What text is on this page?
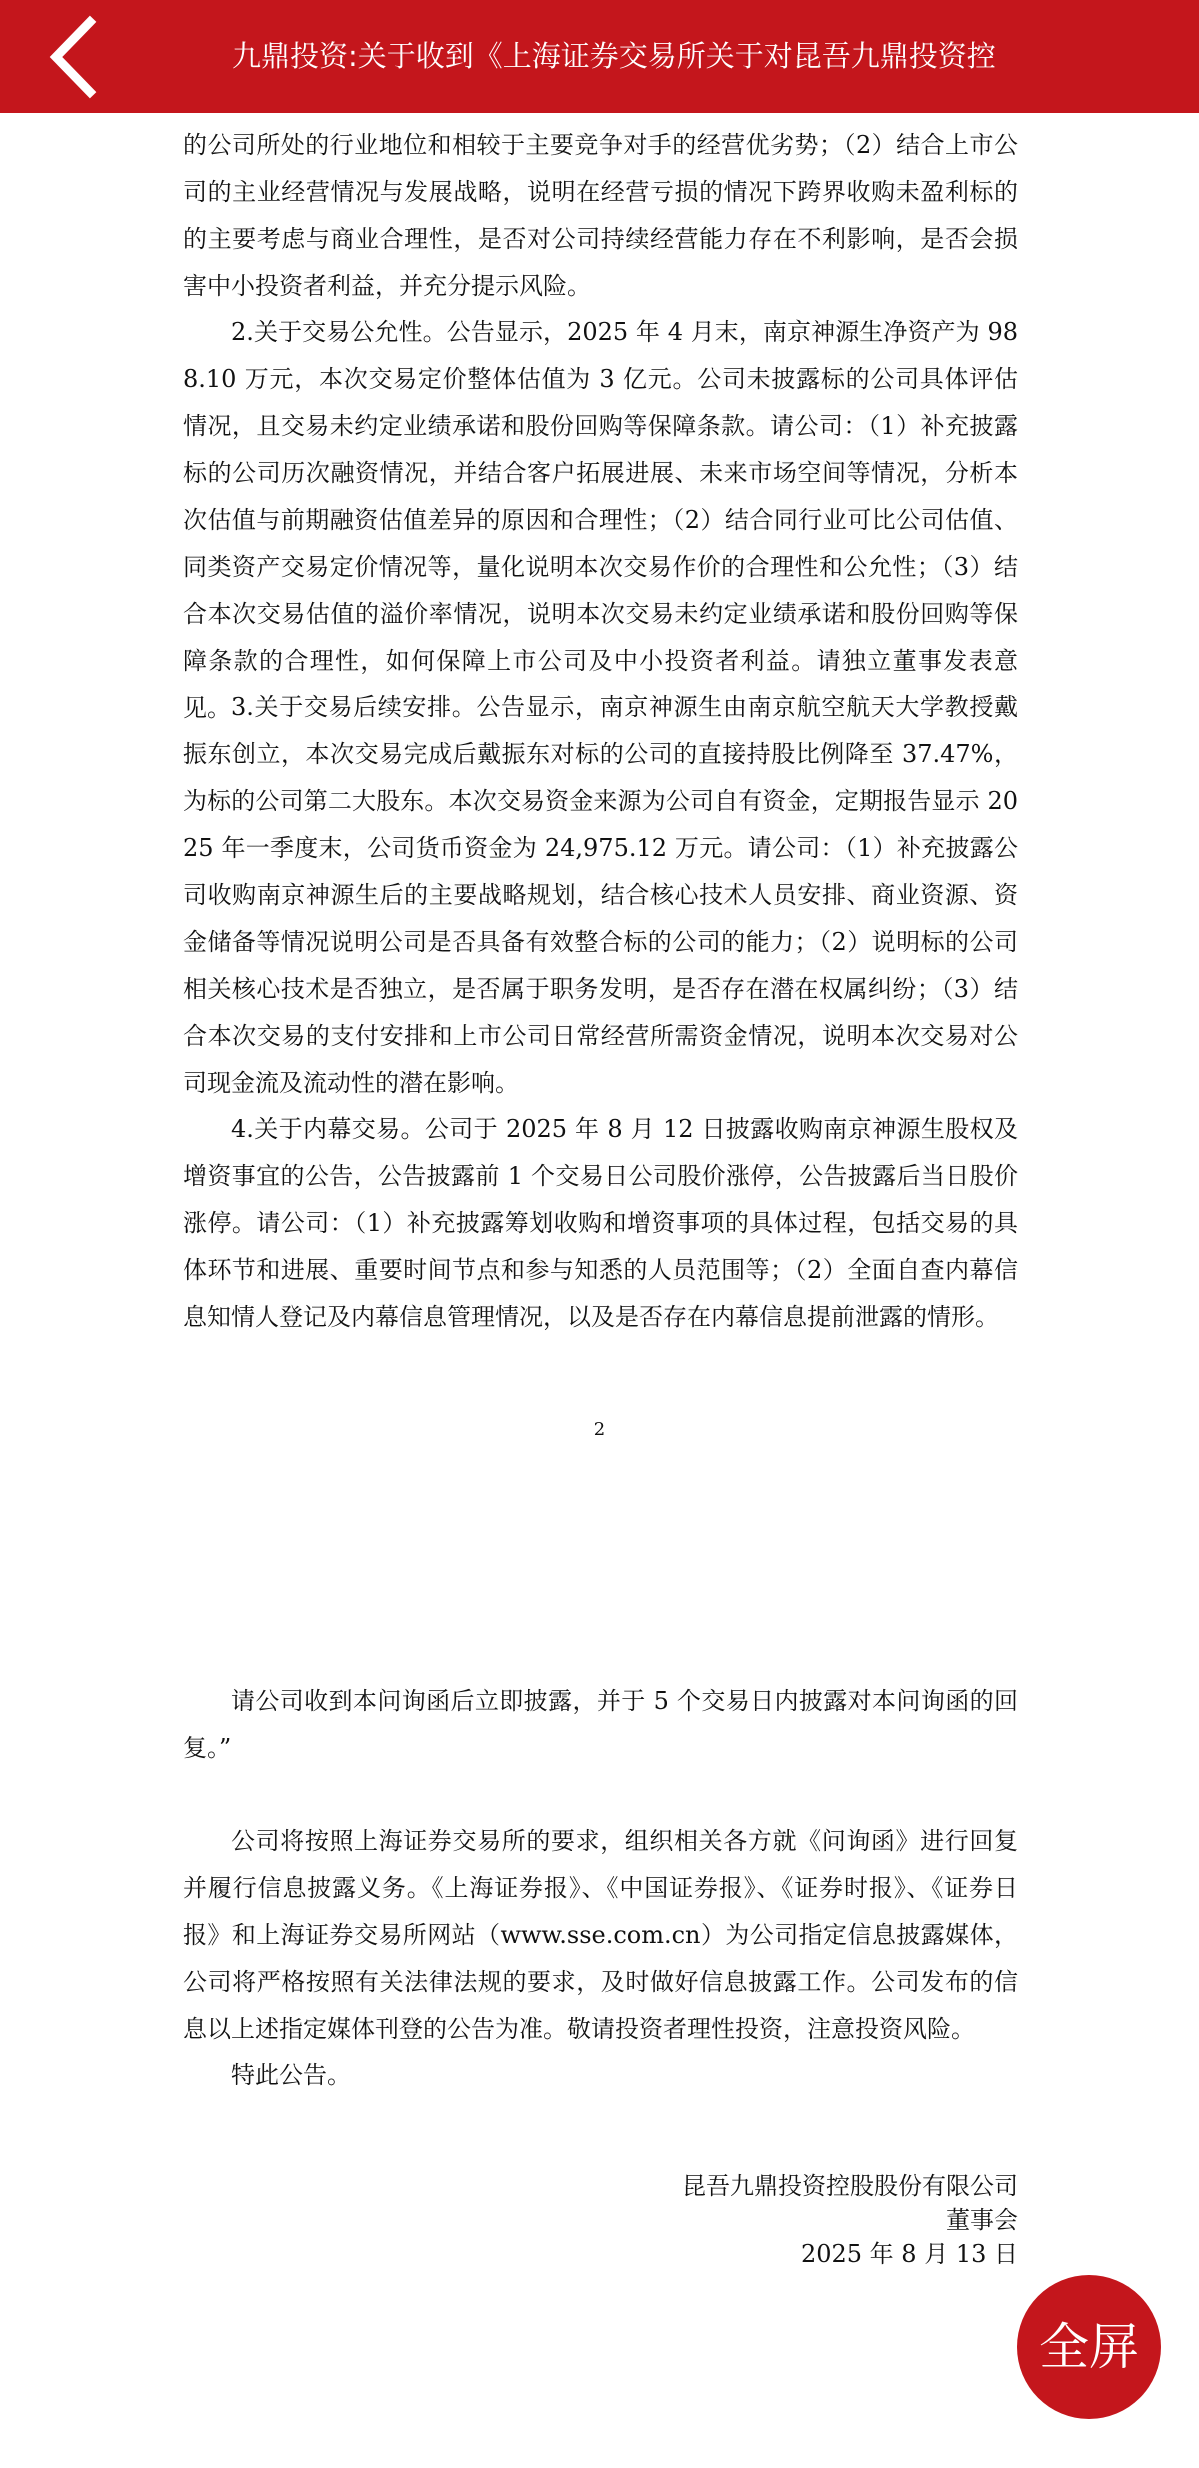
九鼎投资:关于收到《上海证券交易所关于对昆吾九鼎投资控

的公司所处的行业地位和相较于主要竞争对手的经营优劣势；（2）结合上市公司的主业经营情况与发展战略，说明在经营亏损的情况下跨界收购未盈利标的的主要考虑与商业合理性，是否对公司持续经营能力存在不利影响，是否会损害中小投资者利益，并充分提示风险。

2.关于交易公允性。公告显示，2025 年 4 月末，南京神源生净资产为 988.10 万元，本次交易定价整体估值为 3 亿元。公司未披露标的公司具体评估情况，且交易未约定业绩承诺和股份回购等保障条款。请公司：（1）补充披露标的公司历次融资情况，并结合客户拓展进展、未来市场空间等情况，分析本次估值与前期融资估值差异的原因和合理性；（2）结合同行业可比公司估值、同类资产交易定价情况等，量化说明本次交易作价的合理性和公允性；（3）结合本次交易估值的溢价率情况，说明本次交易未约定业绩承诺和股份回购等保障条款的合理性，如何保障上市公司及中小投资者利益。请独立董事发表意见。 3.关于交易后续安排。公告显示，南京神源生由南京航空航天大学教授戴振东创立，本次交易完成后戴振东对标的公司的直接持股比例降至 37.47%，为标的公司第二大股东。本次交易资金来源为公司自有资金，定期报告显示 2025 年一季度末，公司货币资金为 24,975.12 万元。请公司：（1）补充披露公司收购南京神源生后的主要战略规划，结合核心技术人员安排、商业资源、资金储备等情况说明公司是否具备有效整合标的公司的能力；（2）说明标的公司相关核心技术是否独立，是否属于职务发明，是否存在潜在权属纠纷；（3）结合本次交易的支付安排和上市公司日常经营所需资金情况，说明本次交易对公司现金流及流动性的潜在影响。

4.关于内幕交易。公司于 2025 年 8 月 12 日披露收购南京神源生股权及增资事宜的公告，公告披露前 1 个交易日公司股价涨停，公告披露后当日股价涨停。请公司：（1）补充披露筹划收购和增资事项的具体过程，包括交易的具体环节和进展、重要时间节点和参与知悉的人员范围等；（2）全面自查内幕信息知情人登记及内幕信息管理情况，以及是否存在内幕信息提前泄露的情形。

2

请公司收到本问询函后立即披露，并于 5 个交易日内披露对本问询函的回复。”

公司将按照上海证券交易所的要求，组织相关各方就《问询函》进行回复并履行信息披露义务。《上海证券报》、《中国证券报》、《证券时报》、《证券日报》和上海证券交易所网站（www.sse.com.cn）为公司指定信息披露媒体，公司将严格按照有关法律法规的要求，及时做好信息披露工作。公司发布的信息以上述指定媒体刊登的公告为准。敬请投资者理性投资，注意投资风险。

特此公告。

昆吾九鼎投资控股股份有限公司
董事会
2025 年 8 月 13 日
全屏
